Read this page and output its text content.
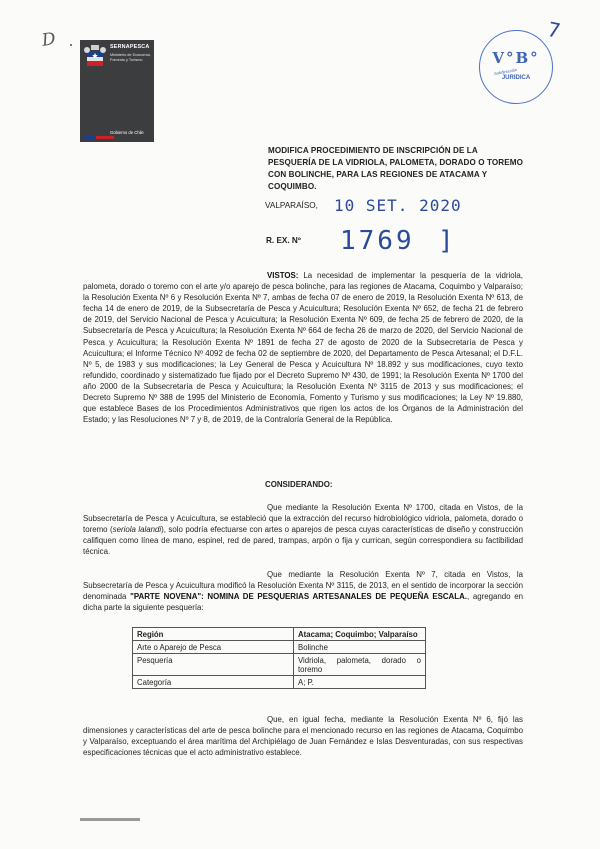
D	7
SERNAPESCA
Ministerio de Economía, Fomento y Turismo
Gobierno de Chile
V°B°
Subdirección
JURIDICA
MODIFICA PROCEDIMIENTO DE INSCRIPCIÓN DE LA PESQUERÍA DE LA VIDRIOLA, PALOMETA, DORADO O TOREMO CON BOLINCHE, PARA LAS REGIONES DE ATACAMA Y COQUIMBO.
VALPARAÍSO, 10 SET. 2020
R. EX. Nº 1769 ]
VISTOS: La necesidad de implementar la pesquería de la vidriola, palometa, dorado o toremo con el arte y/o aparejo de pesca bolinche, para las regiones de Atacama, Coquimbo y Valparaíso; la Resolución Exenta Nº 6 y Resolución Exenta Nº 7, ambas de fecha 07 de enero de 2019, la Resolución Exenta Nº 613, de fecha 14 de enero de 2019, de la Subsecretaría de Pesca y Acuicultura; Resolución Exenta Nº 652, de fecha 21 de febrero de 2019, del Servicio Nacional de Pesca y Acuicultura; la Resolución Exenta Nº 609, de fecha 25 de febrero de 2020, de la Subsecretaría de Pesca y Acuicultura; la Resolución Exenta Nº 664 de fecha 26 de marzo de 2020, del Servicio Nacional de Pesca y Acuicultura; la Resolución Exenta Nº 1891 de fecha 27 de agosto de 2020 de la Subsecretaría de Pesca y Acuicultura; el Informe Técnico Nº 4092 de fecha 02 de septiembre de 2020, del Departamento de Pesca Artesanal; el D.F.L. Nº 5, de 1983 y sus modificaciones; la Ley General de Pesca y Acuicultura Nº 18.892 y sus modificaciones, cuyo texto refundido, coordinado y sistematizado fue fijado por el Decreto Supremo Nº 430, de 1991; la Resolución Exenta Nº 1700 del año 2000 de la Subsecretaría de Pesca y Acuicultura; la Resolución Exenta Nº 3115 de 2013 y sus modificaciones; el Decreto Supremo Nº 388 de 1995 del Ministerio de Economía, Fomento y Turismo y sus modificaciones; la Ley Nº 19.880, que establece Bases de los Procedimientos Administrativos que rigen los actos de los Órganos de la Administración del Estado; y las Resoluciones Nº 7 y 8, de 2019, de la Contraloría General de la República.
CONSIDERANDO:
Que mediante la Resolución Exenta Nº 1700, citada en Vistos, de la Subsecretaría de Pesca y Acuicultura, se estableció que la extracción del recurso hidrobiológico vidriola, palometa, dorado o toremo (seriola lalandi), solo podría efectuarse con artes o aparejos de pesca cuyas características de diseño y construcción califiquen como línea de mano, espinel, red de pared, trampas, arpón o fija y currican, según correspondiera su factibilidad técnica.
Que mediante la Resolución Exenta Nº 7, citada en Vistos, la Subsecretaría de Pesca y Acuicultura modificó la Resolución Exenta Nº 3115, de 2013, en el sentido de incorporar la sección denominada "PARTE NOVENA": NOMINA DE PESQUERIAS ARTESANALES DE PEQUEÑA ESCALA., agregando en dicha parte la siguiente pesquería:
Región	Atacama; Coquimbo; Valparaíso
Arte o Aparejo de Pesca	Bolinche
Pesquería	Vidriola, palometa, dorado o toremo
Categoría	A; P.
Que, en igual fecha, mediante la Resolución Exenta Nº 6, fijó las dimensiones y características del arte de pesca bolinche para el mencionado recurso en las regiones de Atacama, Coquimbo y Valparaíso, exceptuando el área marítima del Archipiélago de Juan Fernández e Islas Desventuradas, con sus respectivas especificaciones técnicas que el acto administrativo establece.
